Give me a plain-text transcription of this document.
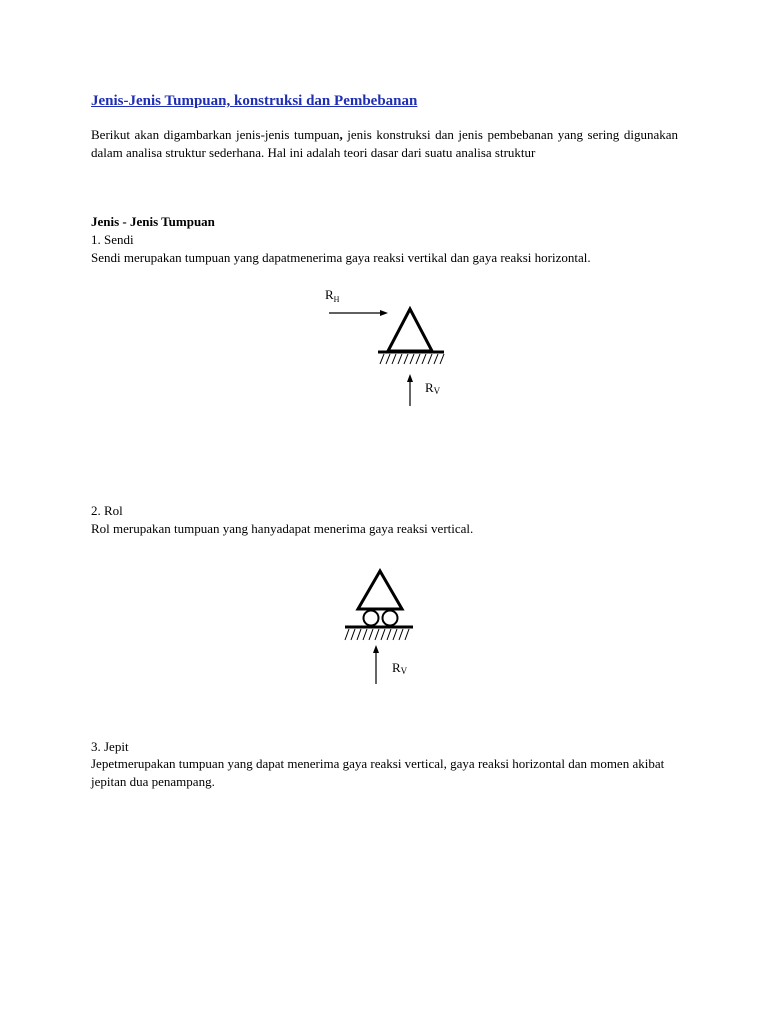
Jenis-Jenis Tumpuan, konstruksi dan Pembebanan

Berikut akan digambarkan jenis-jenis tumpuan, jenis konstruksi dan jenis pembebanan yang sering digunakan dalam analisa struktur sederhana. Hal ini adalah teori dasar dari suatu analisa struktur

Jenis - Jenis Tumpuan

1. Sendi

Sendi merupakan tumpuan yang dapatmenerima gaya reaksi vertikal dan gaya reaksi horizontal.

$R_H$
RV

2. Rol

Rol merupakan tumpuan yang hanyadapat menerima gaya reaksi vertical.

RV

3. Jepit

Jepetmerupakan tumpuan yang dapat menerima gaya reaksi vertical, gaya reaksi horizontal dan momen akibat jepitan dua penampang.
